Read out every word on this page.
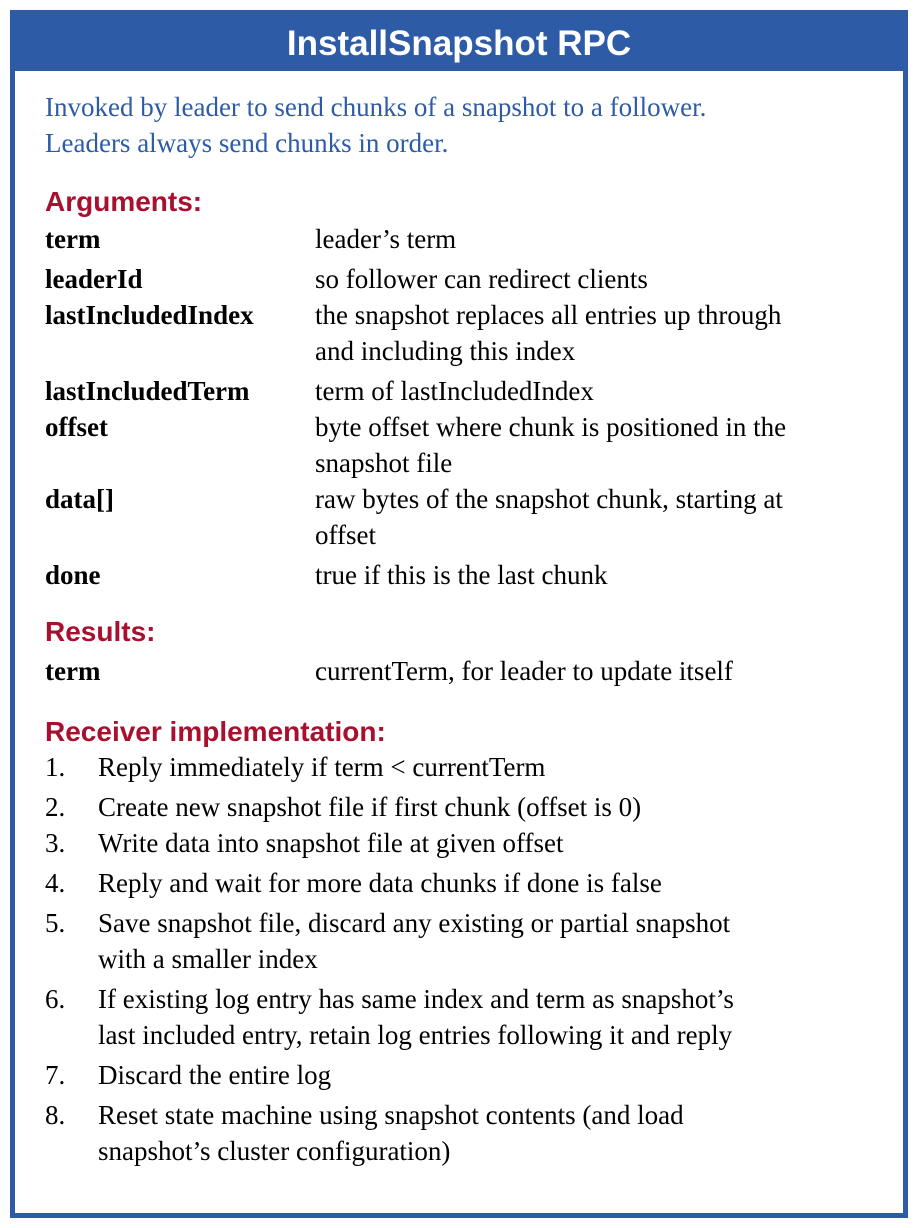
InstallSnapshot RPC

Invoked by leader to send chunks of a snapshot to a follower.
Leaders always send chunks in order.

Arguments:

term	leader’s term
leaderId	so follower can redirect clients
lastIncludedIndex	the snapshot replaces all entries up through
and including this index
lastIncludedTerm	term of lastIncludedIndex
offset	byte offset where chunk is positioned in the
snapshot file
data[]	raw bytes of the snapshot chunk, starting at
offset
done	true if this is the last chunk

Results:

term	currentTerm, for leader to update itself

Receiver implementation:

1.	Reply immediately if term < currentTerm
2.	Create new snapshot file if first chunk (offset is 0)
3.	Write data into snapshot file at given offset
4.	Reply and wait for more data chunks if done is false
5.	Save snapshot file, discard any existing or partial snapshot
with a smaller index
6.	If existing log entry has same index and term as snapshot’s
last included entry, retain log entries following it and reply
7.	Discard the entire log
8.	Reset state machine using snapshot contents (and load
snapshot’s cluster configuration)
